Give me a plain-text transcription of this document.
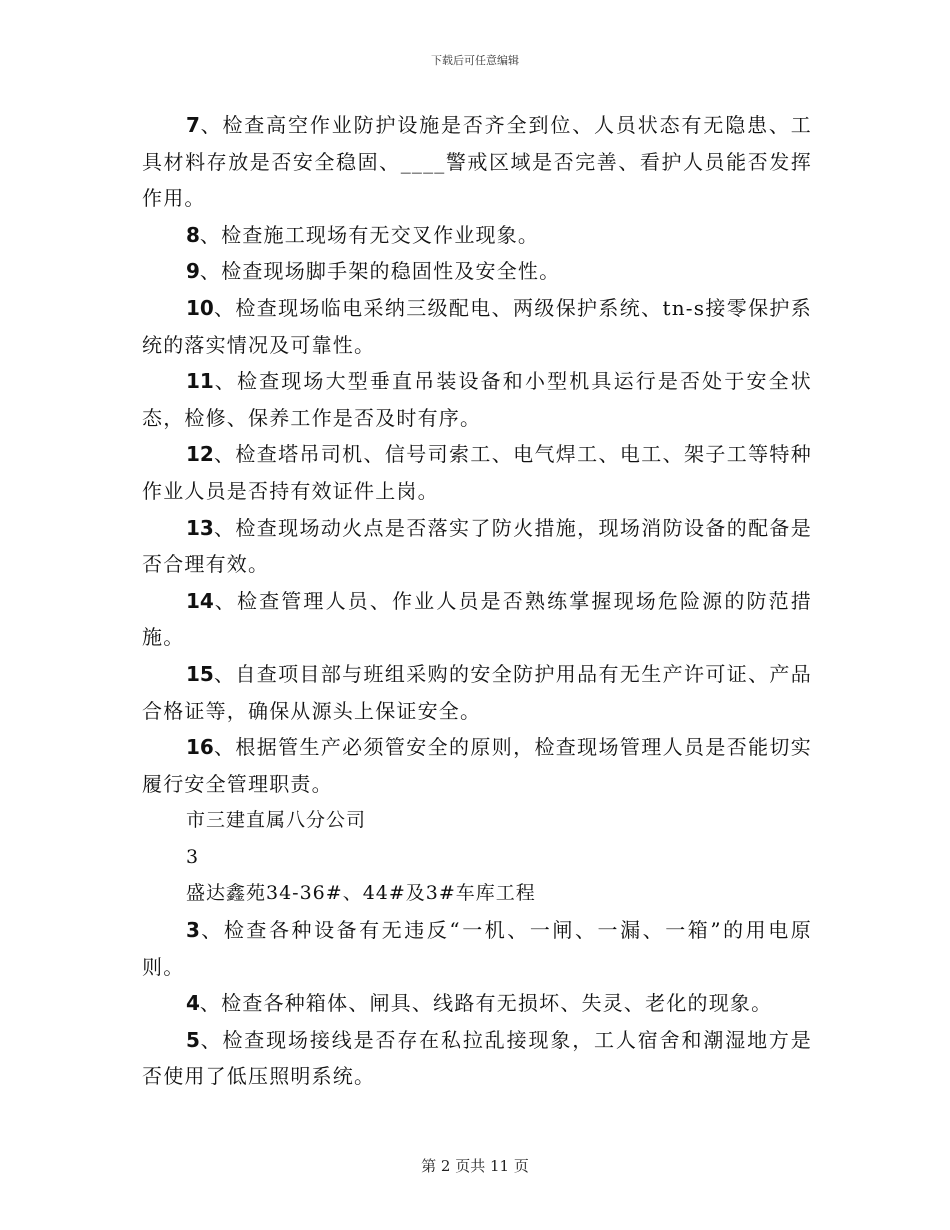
下载后可任意编辑

7、检查高空作业防护设施是否齐全到位、人员状态有无隐患、工具材料存放是否安全稳固、____警戒区域是否完善、看护人员能否发挥作用。

8、检查施工现场有无交叉作业现象。

9、检查现场脚手架的稳固性及安全性。

10、检查现场临电采纳三级配电、两级保护系统、tn-s接零保护系统的落实情况及可靠性。

11、检查现场大型垂直吊装设备和小型机具运行是否处于安全状态，检修、保养工作是否及时有序。

12、检查塔吊司机、信号司索工、电气焊工、电工、架子工等特种作业人员是否持有效证件上岗。

13、检查现场动火点是否落实了防火措施，现场消防设备的配备是否合理有效。

14、检查管理人员、作业人员是否熟练掌握现场危险源的防范措施。

15、自查项目部与班组采购的安全防护用品有无生产许可证、产品合格证等，确保从源头上保证安全。

16、根据管生产必须管安全的原则，检查现场管理人员是否能切实履行安全管理职责。

市三建直属八分公司

3

盛达鑫苑34-36#、44#及3#车库工程

3、检查各种设备有无违反“一机、一闸、一漏、一箱”的用电原则。

4、检查各种箱体、闸具、线路有无损坏、失灵、老化的现象。

5、检查现场接线是否存在私拉乱接现象，工人宿舍和潮湿地方是否使用了低压照明系统。

第 2 页共 11 页
